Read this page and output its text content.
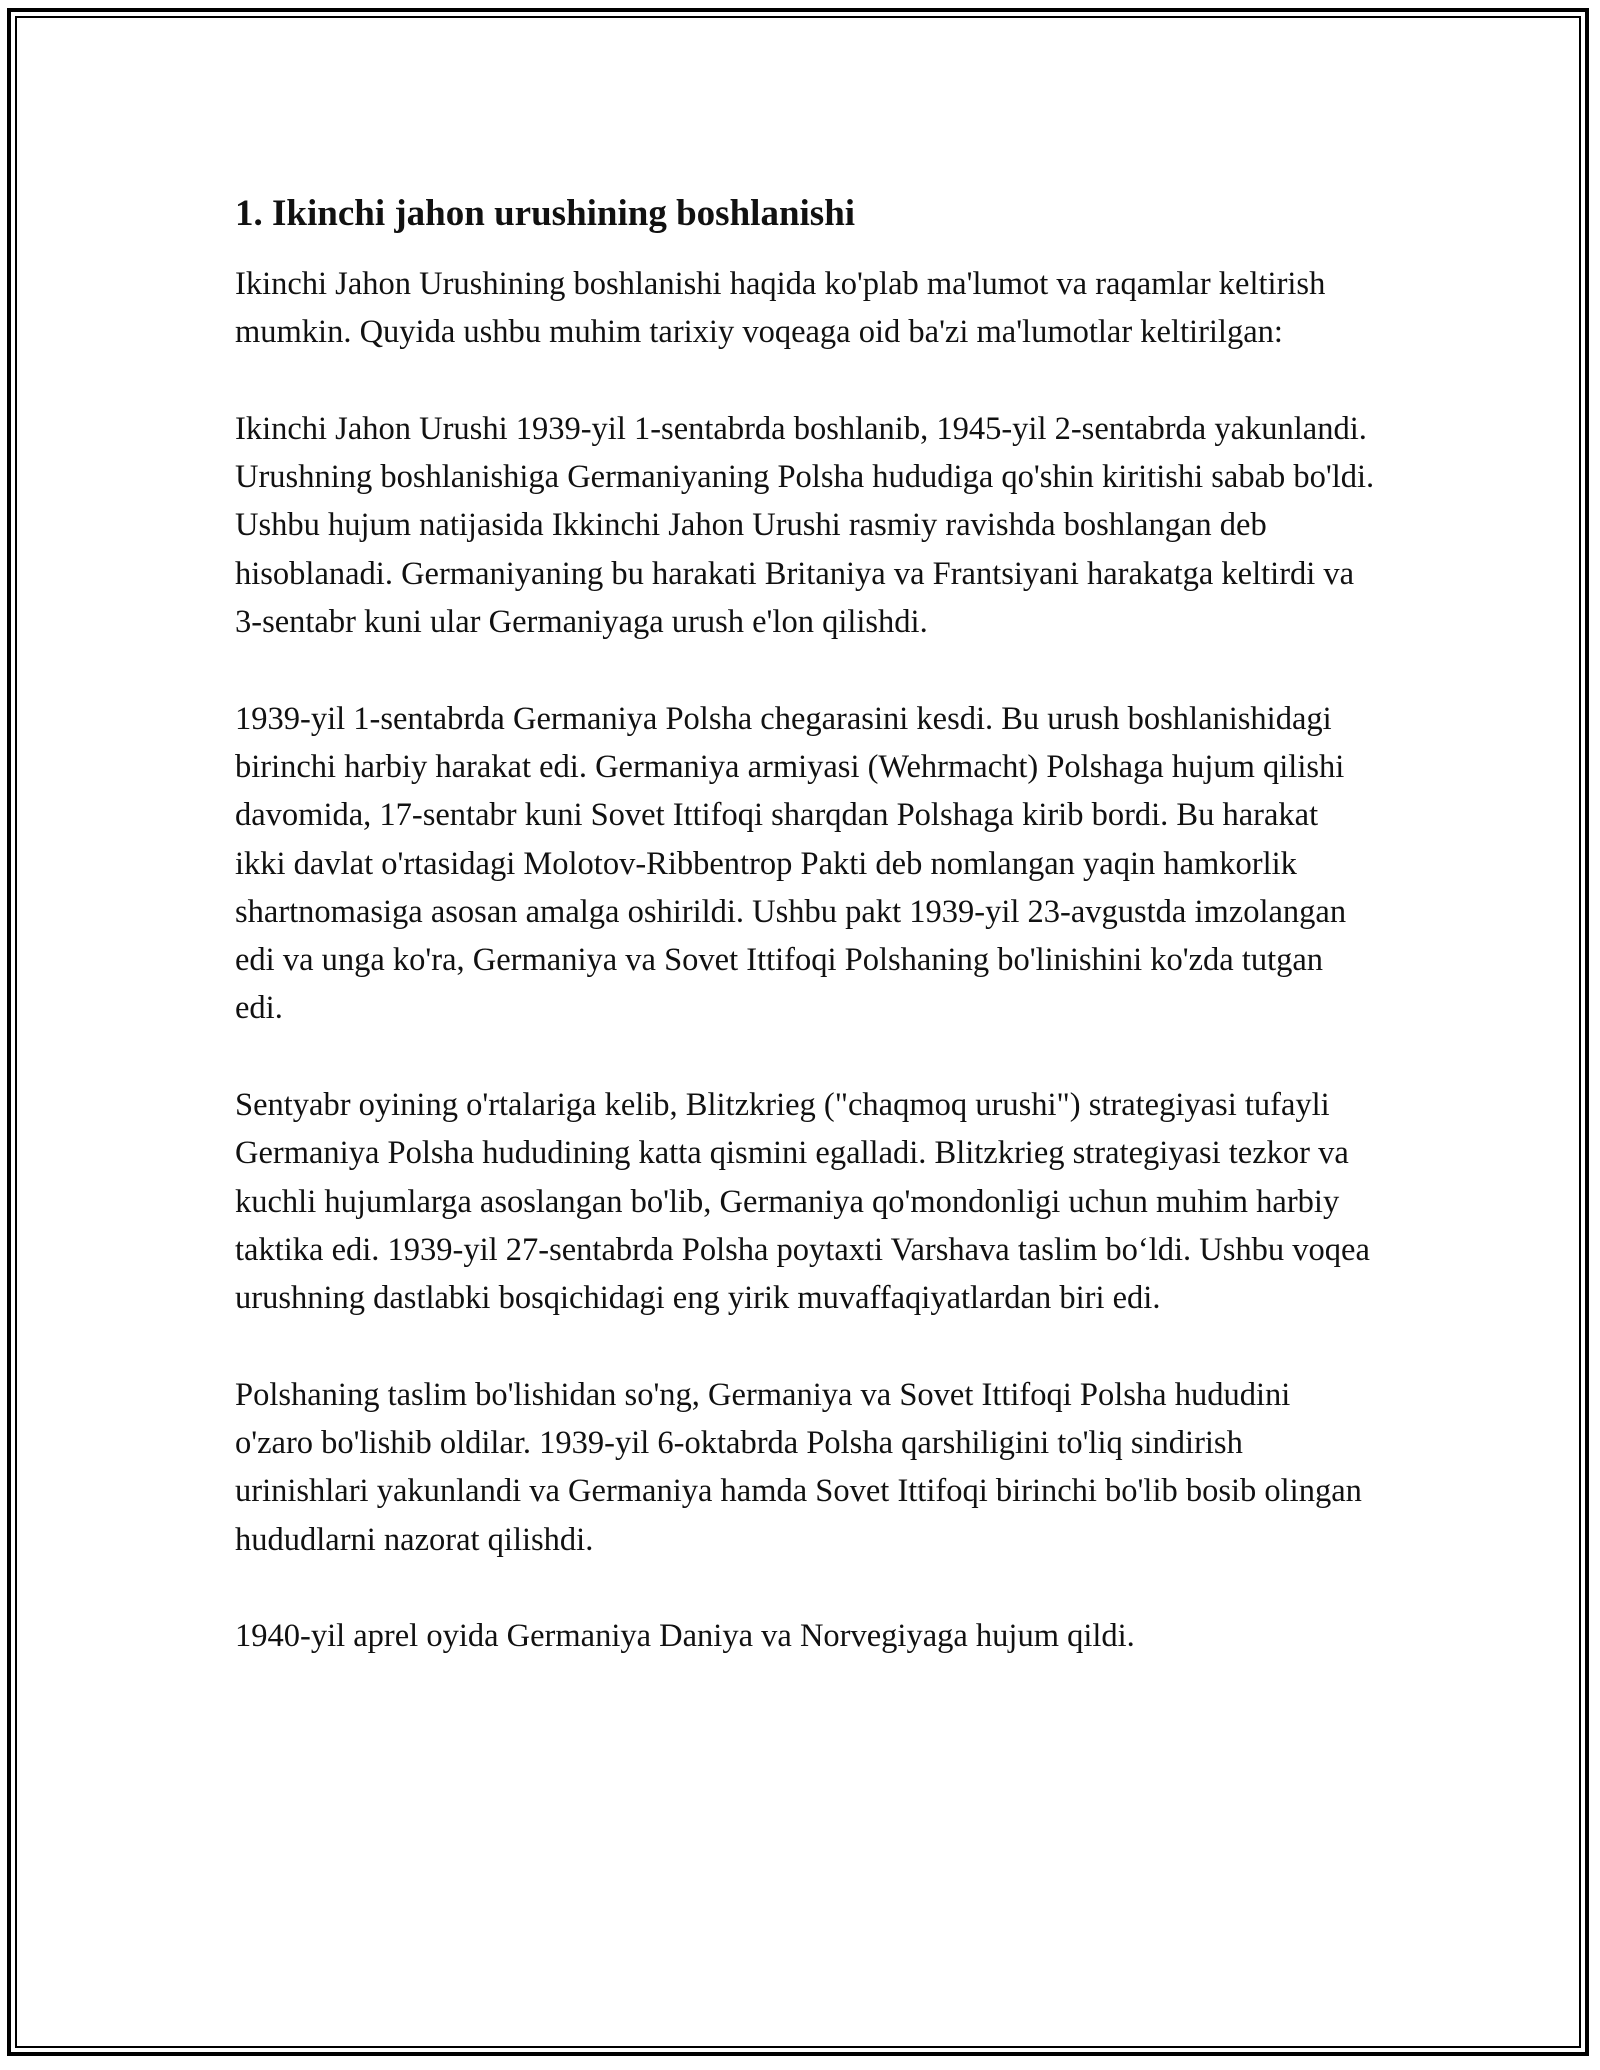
1. Ikinchi jahon urushining boshlanishi

Ikinchi Jahon Urushining boshlanishi haqida ko'plab ma'lumot va raqamlar keltirish mumkin. Quyida ushbu muhim tarixiy voqeaga oid ba'zi ma'lumotlar keltirilgan:

Ikinchi Jahon Urushi 1939-yil 1-sentabrda boshlanib, 1945-yil 2-sentabrda yakunlandi. Urushning boshlanishiga Germaniyaning Polsha hududiga qo'shin kiritishi sabab bo'ldi. Ushbu hujum natijasida Ikkinchi Jahon Urushi rasmiy ravishda boshlangan deb hisoblanadi. Germaniyaning bu harakati Britaniya va Frantsiyani harakatga keltirdi va 3-sentabr kuni ular Germaniyaga urush e'lon qilishdi.

1939-yil 1-sentabrda Germaniya Polsha chegarasini kesdi. Bu urush boshlanishidagi birinchi harbiy harakat edi. Germaniya armiyasi (Wehrmacht) Polshaga hujum qilishi davomida, 17-sentabr kuni Sovet Ittifoqi sharqdan Polshaga kirib bordi. Bu harakat ikki davlat o'rtasidagi Molotov-Ribbentrop Pakti deb nomlangan yaqin hamkorlik shartnomasiga asosan amalga oshirildi. Ushbu pakt 1939-yil 23-avgustda imzolangan edi va unga ko'ra, Germaniya va Sovet Ittifoqi Polshaning bo'linishini ko'zda tutgan edi.

Sentyabr oyining o'rtalariga kelib, Blitzkrieg ("chaqmoq urushi") strategiyasi tufayli Germaniya Polsha hududining katta qismini egalladi. Blitzkrieg strategiyasi tezkor va kuchli hujumlarga asoslangan bo'lib, Germaniya qo'mondonligi uchun muhim harbiy taktika edi. 1939-yil 27-sentabrda Polsha poytaxti Varshava taslim bo‘ldi. Ushbu voqea urushning dastlabki bosqichidagi eng yirik muvaffaqiyatlardan biri edi.

Polshaning taslim bo'lishidan so'ng, Germaniya va Sovet Ittifoqi Polsha hududini o'zaro bo'lishib oldilar. 1939-yil 6-oktabrda Polsha qarshiligini to'liq sindirish urinishlari yakunlandi va Germaniya hamda Sovet Ittifoqi birinchi bo'lib bosib olingan hududlarni nazorat qilishdi.

1940-yil aprel oyida Germaniya Daniya va Norvegiyaga hujum qildi.
